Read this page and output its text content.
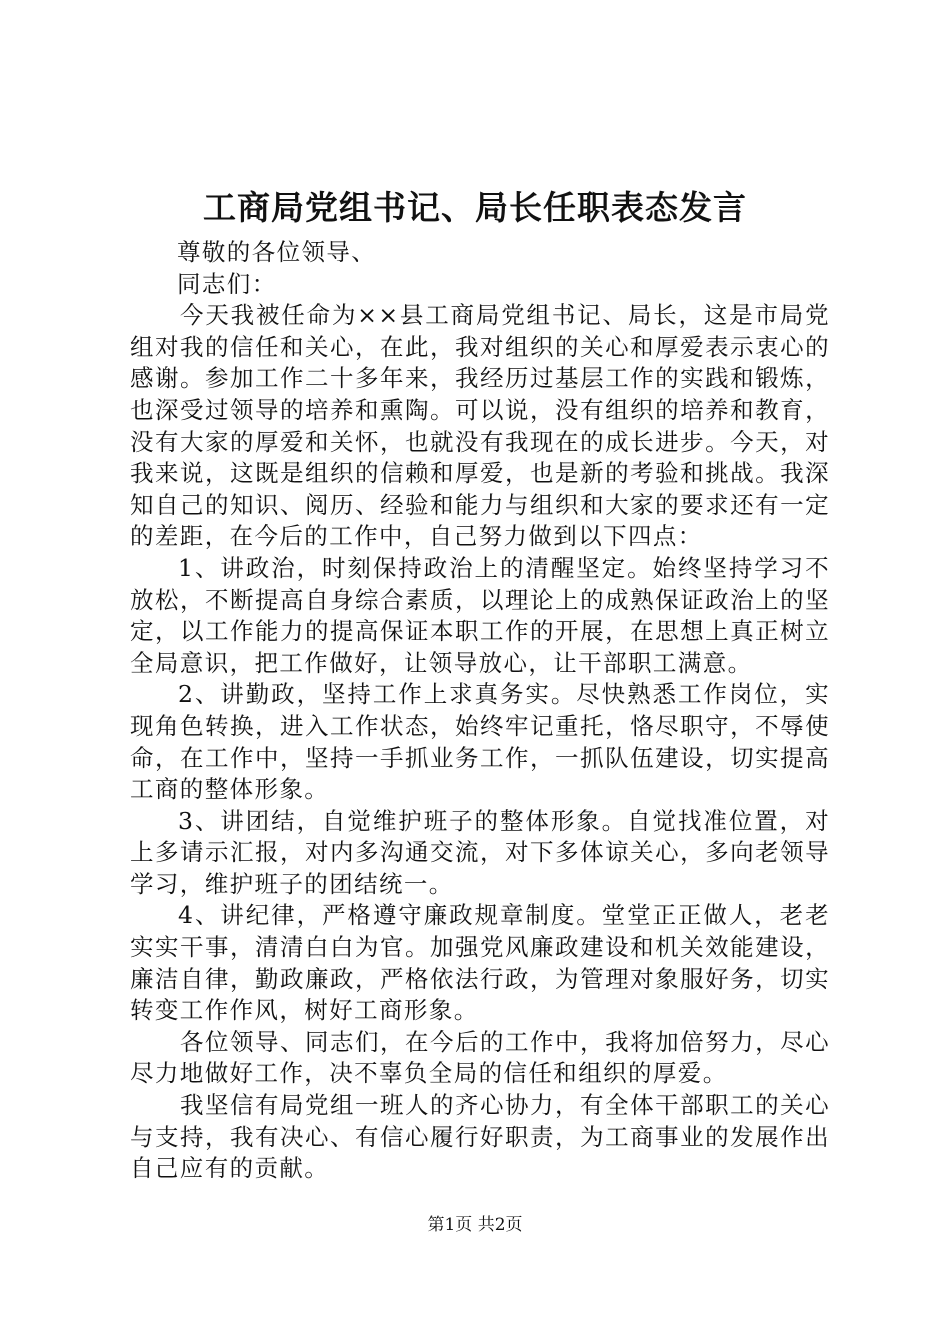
工商局党组书记、局长任职表态发言

尊敬的各位领导、

同志们：

今天我被任命为××县工商局党组书记、局长，这是市局党组对我的信任和关心，在此，我对组织的关心和厚爱表示衷心的感谢。参加工作二十多年来，我经历过基层工作的实践和锻炼，也深受过领导的培养和熏陶。可以说，没有组织的培养和教育，没有大家的厚爱和关怀，也就没有我现在的成长进步。今天，对我来说，这既是组织的信赖和厚爱，也是新的考验和挑战。我深知自己的知识、阅历、经验和能力与组织和大家的要求还有一定的差距，在今后的工作中，自己努力做到以下四点：

1、讲政治，时刻保持政治上的清醒坚定。始终坚持学习不放松，不断提高自身综合素质，以理论上的成熟保证政治上的坚定，以工作能力的提高保证本职工作的开展，在思想上真正树立全局意识，把工作做好，让领导放心，让干部职工满意。

2、讲勤政，坚持工作上求真务实。尽快熟悉工作岗位，实现角色转换，进入工作状态，始终牢记重托，恪尽职守，不辱使命，在工作中，坚持一手抓业务工作，一抓队伍建设，切实提高工商的整体形象。

3、讲团结，自觉维护班子的整体形象。自觉找准位置，对上多请示汇报，对内多沟通交流，对下多体谅关心，多向老领导学习，维护班子的团结统一。

4、讲纪律，严格遵守廉政规章制度。堂堂正正做人，老老实实干事，清清白白为官。加强党风廉政建设和机关效能建设，廉洁自律，勤政廉政，严格依法行政，为管理对象服好务，切实转变工作作风，树好工商形象。

各位领导、同志们，在今后的工作中，我将加倍努力，尽心尽力地做好工作，决不辜负全局的信任和组织的厚爱。

我坚信有局党组一班人的齐心协力，有全体干部职工的关心与支持，我有决心、有信心履行好职责，为工商事业的发展作出自己应有的贡献。

第1页 共2页
